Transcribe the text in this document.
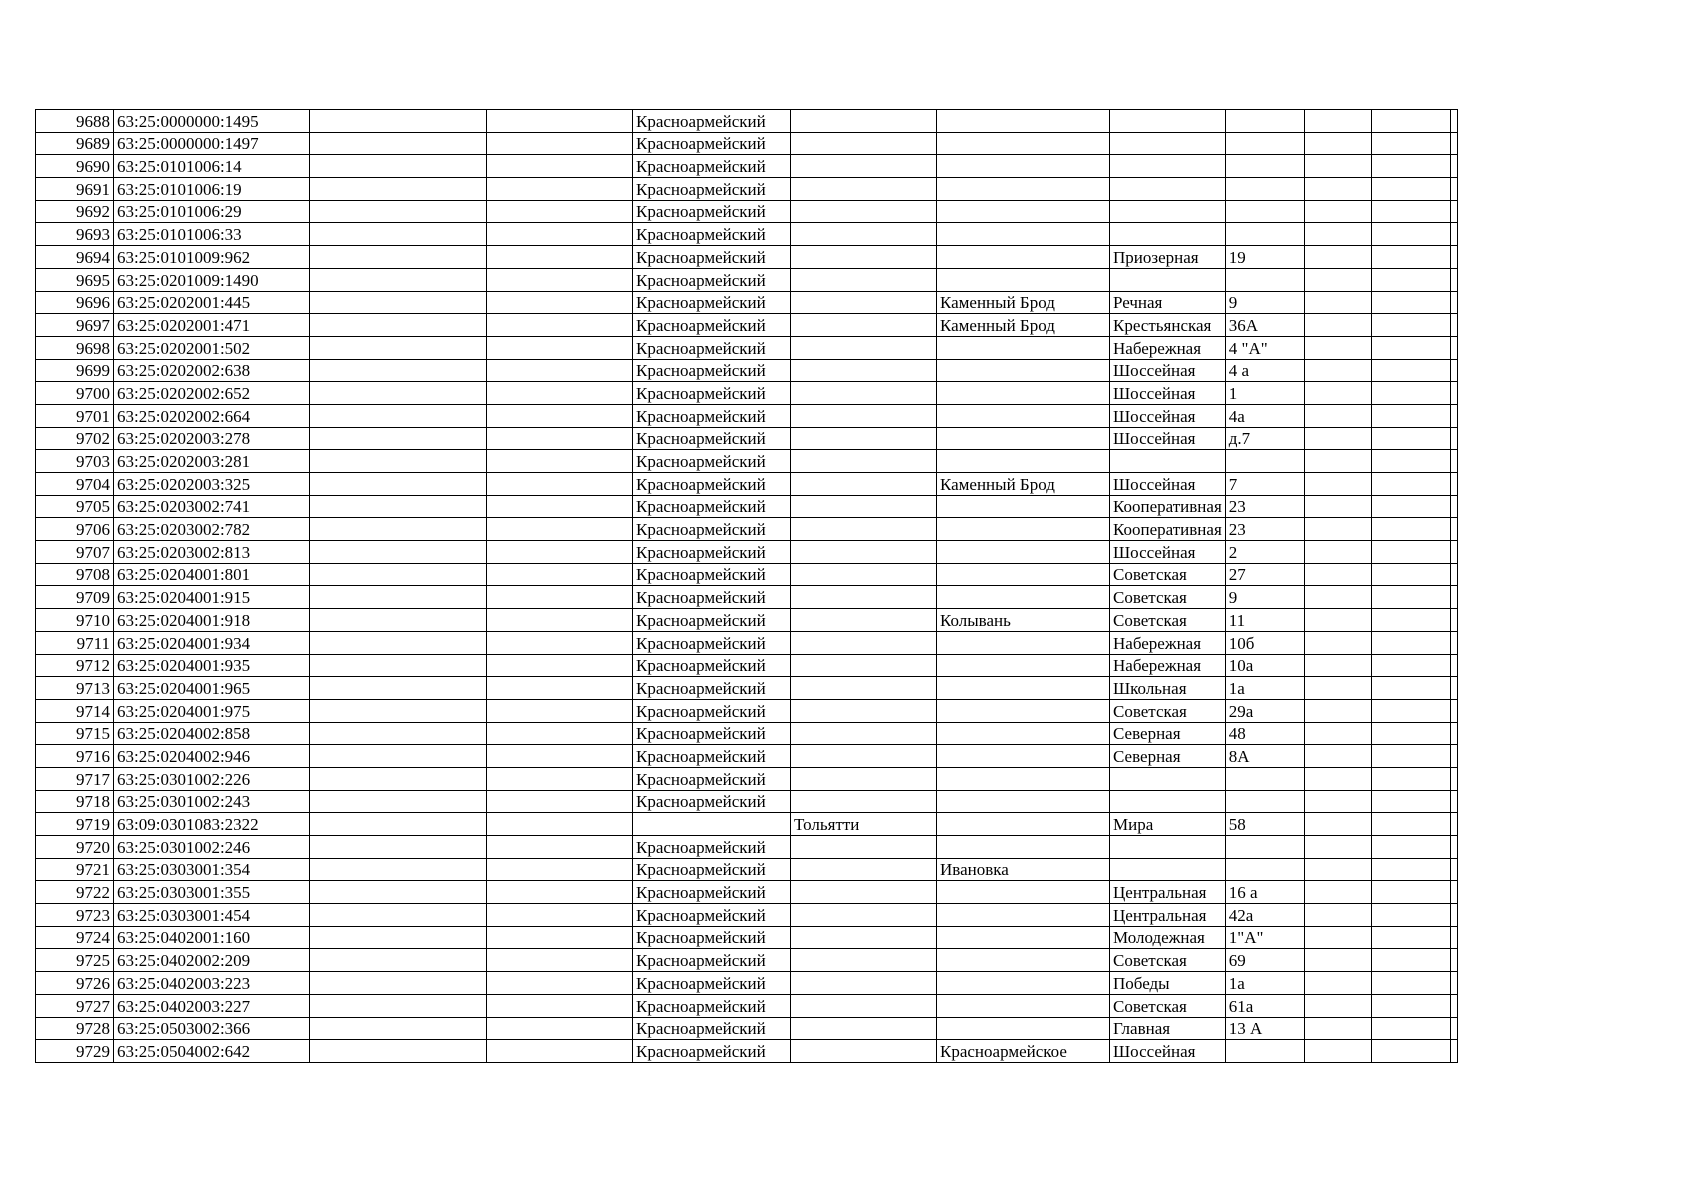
9688	63:25:0000000:1495			Красноармейский							
9689	63:25:0000000:1497			Красноармейский							
9690	63:25:0101006:14			Красноармейский							
9691	63:25:0101006:19			Красноармейский							
9692	63:25:0101006:29			Красноармейский							
9693	63:25:0101006:33			Красноармейский							
9694	63:25:0101009:962			Красноармейский			Приозерная	19			
9695	63:25:0201009:1490			Красноармейский							
9696	63:25:0202001:445			Красноармейский		Каменный Брод	Речная	9			
9697	63:25:0202001:471			Красноармейский		Каменный Брод	Крестьянская	36А			
9698	63:25:0202001:502			Красноармейский			Набережная	4 "А"			
9699	63:25:0202002:638			Красноармейский			Шоссейная	4 а			
9700	63:25:0202002:652			Красноармейский			Шоссейная	1			
9701	63:25:0202002:664			Красноармейский			Шоссейная	4а			
9702	63:25:0202003:278			Красноармейский			Шоссейная	д.7			
9703	63:25:0202003:281			Красноармейский							
9704	63:25:0202003:325			Красноармейский		Каменный Брод	Шоссейная	7			
9705	63:25:0203002:741			Красноармейский			Кооперативная	23			
9706	63:25:0203002:782			Красноармейский			Кооперативная	23			
9707	63:25:0203002:813			Красноармейский			Шоссейная	2			
9708	63:25:0204001:801			Красноармейский			Советская	27			
9709	63:25:0204001:915			Красноармейский			Советская	9			
9710	63:25:0204001:918			Красноармейский		Колывань	Советская	11			
9711	63:25:0204001:934			Красноармейский			Набережная	10б			
9712	63:25:0204001:935			Красноармейский			Набережная	10а			
9713	63:25:0204001:965			Красноармейский			Школьная	1а			
9714	63:25:0204001:975			Красноармейский			Советская	29а			
9715	63:25:0204002:858			Красноармейский			Северная	48			
9716	63:25:0204002:946			Красноармейский			Северная	8А			
9717	63:25:0301002:226			Красноармейский							
9718	63:25:0301002:243			Красноармейский							
9719	63:09:0301083:2322				Тольятти		Мира	58			
9720	63:25:0301002:246			Красноармейский							
9721	63:25:0303001:354			Красноармейский		Ивановка					
9722	63:25:0303001:355			Красноармейский			Центральная	16 а			
9723	63:25:0303001:454			Красноармейский			Центральная	42а			
9724	63:25:0402001:160			Красноармейский			Молодежная	1"А"			
9725	63:25:0402002:209			Красноармейский			Советская	69			
9726	63:25:0402003:223			Красноармейский			Победы	1а			
9727	63:25:0402003:227			Красноармейский			Советская	61а			
9728	63:25:0503002:366			Красноармейский			Главная	13 А			
9729	63:25:0504002:642			Красноармейский		Красноармейское	Шоссейная				
